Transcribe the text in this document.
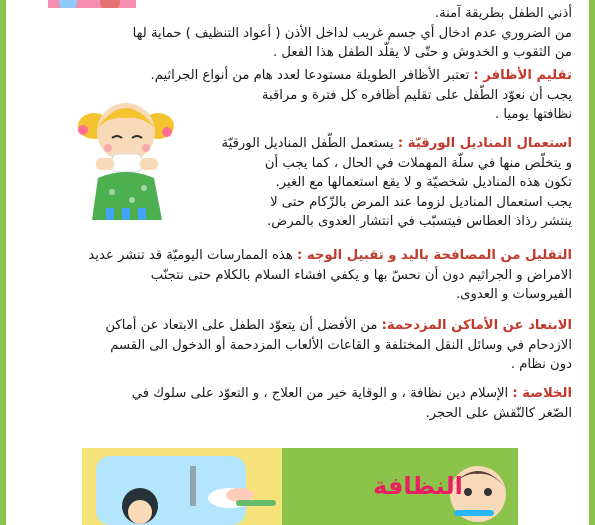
أذني الطفل بطريقة آمنة.
من الضروري عدم ادخال أي جسم غريب لداخل الأذن ( أعواد التنظيف ) حماية لها
من الثقوب و الخدوش و حتّى لا يقلّد الطفل هذا الفعل .

تقليم الأظافر : تعتبر الأظافر الطويلة مستودعا لعدد هام من أنواع الجراثيم.
يجب أن نعوّد الطّفل على تقليم أظافره كل فترة و مراقبة
نظافتها يوميا .

استعمال المناديل الورقيّة : يستعمل الطّفل المناديل الورقيّة
و يتخلّص منها في سلّة المهملات في الحال ، كما يجب أن
تكون هذه المناديل شخصيّة و لا يقع استعمالها مع الغير.
يجب استعمال المناديل لزوما عند المرض بالزّكام حتى لا
ينتشر رذاذ العطاس فيتسبّب في انتشار العدوى بالمرض.

التقليل من المصافحة باليد و تقبيل الوجه : هذه الممارسات اليوميّة قد تنشر عديد
الامراض و الجراثيم دون أن نحسّ بها و يكفي افشاء السلام بالكلام حتى نتجنّب
الفيروسات و العدوى.

الابتعاد عن الأماكن المزدحمة: من الأفضل أن يتعوّد الطفل على الابتعاد عن أماكن
الازدحام في وسائل النقل المختلفة و القاعات الألعاب المزدحمة أو الدخول الى القسم
دون نظام .

الخلاصة : الإسلام دين نظافة ، و الوقاية خير من العلاج ، و التعوّد على سلوك في
الصّغر كالنّقش على الحجر.

النظافة
